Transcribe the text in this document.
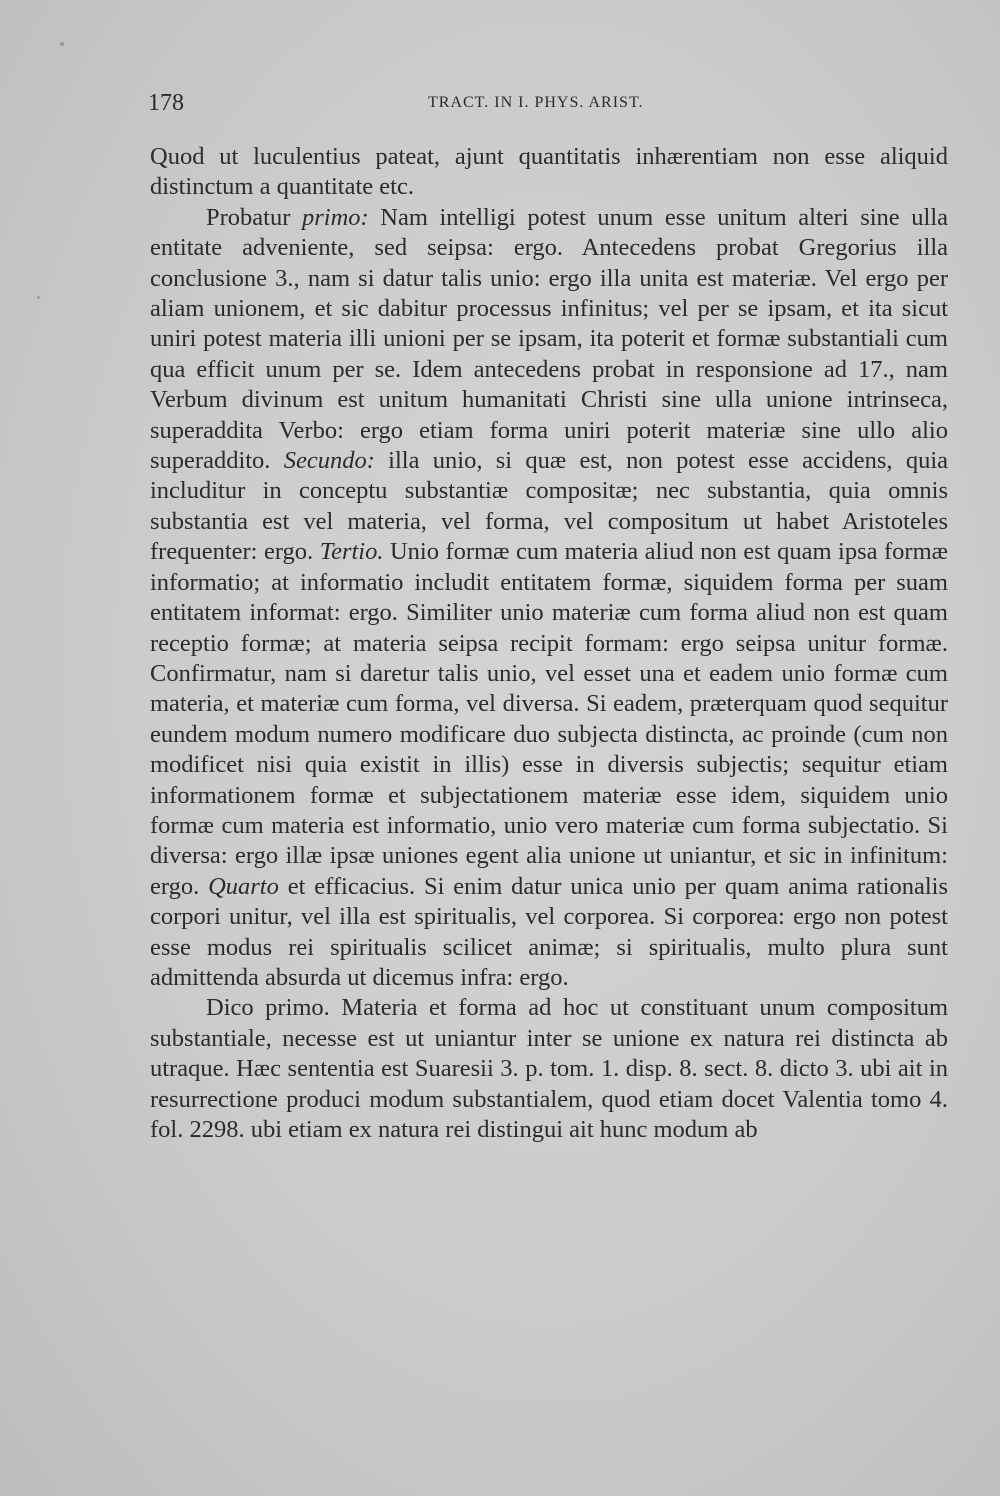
178	TRACT. IN I. PHYS. ARIST.

Quod ut luculentius pateat, ajunt quantitatis inhærentiam non esse aliquid distinctum a quantitate etc.

Probatur primo: Nam intelligi potest unum esse unitum alteri sine ulla entitate adveniente, sed seipsa: ergo. Antecedens probat Gregorius illa conclusione 3., nam si datur talis unio: ergo illa unita est materiæ. Vel ergo per aliam unionem, et sic dabitur processus infinitus; vel per se ipsam, et ita sicut uniri potest materia illi unioni per se ipsam, ita poterit et formæ substantiali cum qua efficit unum per se. Idem antecedens probat in responsione ad 17., nam Verbum divinum est unitum humanitati Christi sine ulla unione intrinseca, superaddita Verbo: ergo etiam forma uniri poterit materiæ sine ullo alio superaddito. Secundo: illa unio, si quæ est, non potest esse accidens, quia includitur in conceptu substantiæ compositæ; nec substantia, quia omnis substantia est vel materia, vel forma, vel compositum ut habet Aristoteles frequenter: ergo. Tertio. Unio formæ cum materia aliud non est quam ipsa formæ informatio; at informatio includit entitatem formæ, siquidem forma per suam entitatem informat: ergo. Similiter unio materiæ cum forma aliud non est quam receptio formæ; at materia seipsa recipit formam: ergo seipsa unitur formæ. Confirmatur, nam si daretur talis unio, vel esset una et eadem unio formæ cum materia, et materiæ cum forma, vel diversa. Si eadem, præterquam quod sequitur eundem modum numero modificare duo subjecta distincta, ac proinde (cum non modificet nisi quia existit in illis) esse in diversis subjectis; sequitur etiam informationem formæ et subjectationem materiæ esse idem, siquidem unio formæ cum materia est informatio, unio vero materiæ cum forma subjectatio. Si diversa: ergo illæ ipsæ uniones egent alia unione ut uniantur, et sic in infinitum: ergo. Quarto et efficacius. Si enim datur unica unio per quam anima rationalis corpori unitur, vel illa est spiritualis, vel corporea. Si corporea: ergo non potest esse modus rei spiritualis scilicet animæ; si spiritualis, multo plura sunt admittenda absurda ut dicemus infra: ergo.

Dico primo. Materia et forma ad hoc ut constituant unum compositum substantiale, necesse est ut uniantur inter se unione ex natura rei distincta ab utraque. Hæc sententia est Suaresii 3. p. tom. 1. disp. 8. sect. 8. dicto 3. ubi ait in resurrectione produci modum substantialem, quod etiam docet Valentia tomo 4. fol. 2298. ubi etiam ex natura rei distingui ait hunc modum ab
